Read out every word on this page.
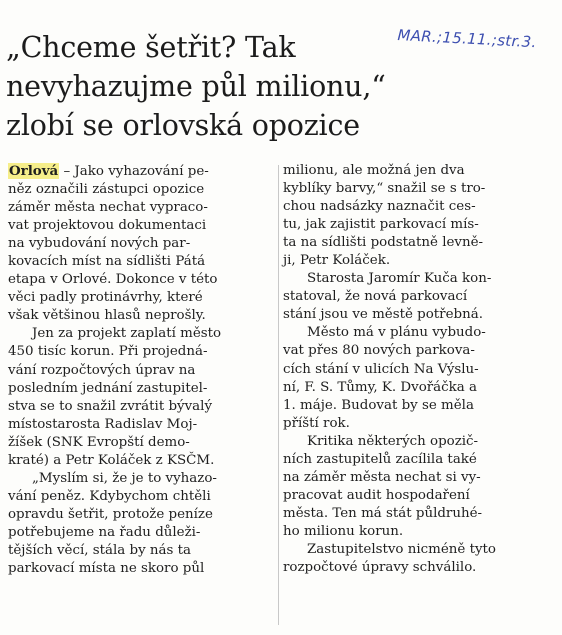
MAR.;15.11.;str.3.
„Chceme šetřit? Tak
nevyhazujme půl milionu,“
zlobí se orlovská opozice
Orlová – Jako vyhazování pe-
něz označili zástupci opozice
záměr města nechat vypraco-
vat projektovou dokumentaci
na vybudování nových par-
kovacích míst na sídlišti Pátá
etapa v Orlové. Dokonce v této
věci padly protinávrhy, které
však většinou hlasů neprošly.
Jen za projekt zaplatí město
450 tisíc korun. Při projedná-
vání rozpočtových úprav na
posledním jednání zastupitel-
stva se to snažil zvrátit bývalý
místostarosta Radislav Moj-
žíšek (SNK Evropští demo-
kraté) a Petr Koláček z KSČM.
„Myslím si, že je to vyhazo-
vání peněz. Kdybychom chtěli
opravdu šetřit, protože peníze
potřebujeme na řadu důleži-
tějších věcí, stála by nás ta
parkovací místa ne skoro půl
milionu, ale možná jen dva
kyblíky barvy,“ snažil se s tro-
chou nadsázky naznačit ces-
tu, jak zajistit parkovací mís-
ta na sídlišti podstatně levně-
ji, Petr Koláček.
Starosta Jaromír Kuča kon-
statoval, že nová parkovací
stání jsou ve městě potřebná.
Město má v plánu vybudo-
vat přes 80 nových parkova-
cích stání v ulicích Na Výslu-
ní, F. S. Tůmy, K. Dvořáčka a
1. máje. Budovat by se měla
příští rok.
Kritika některých opozič-
ních zastupitelů zacílila také
na záměr města nechat si vy-
pracovat audit hospodaření
města. Ten má stát půldruhé-
ho milionu korun.
Zastupitelstvo nicméně tyto
rozpočtové úpravy schválilo.
